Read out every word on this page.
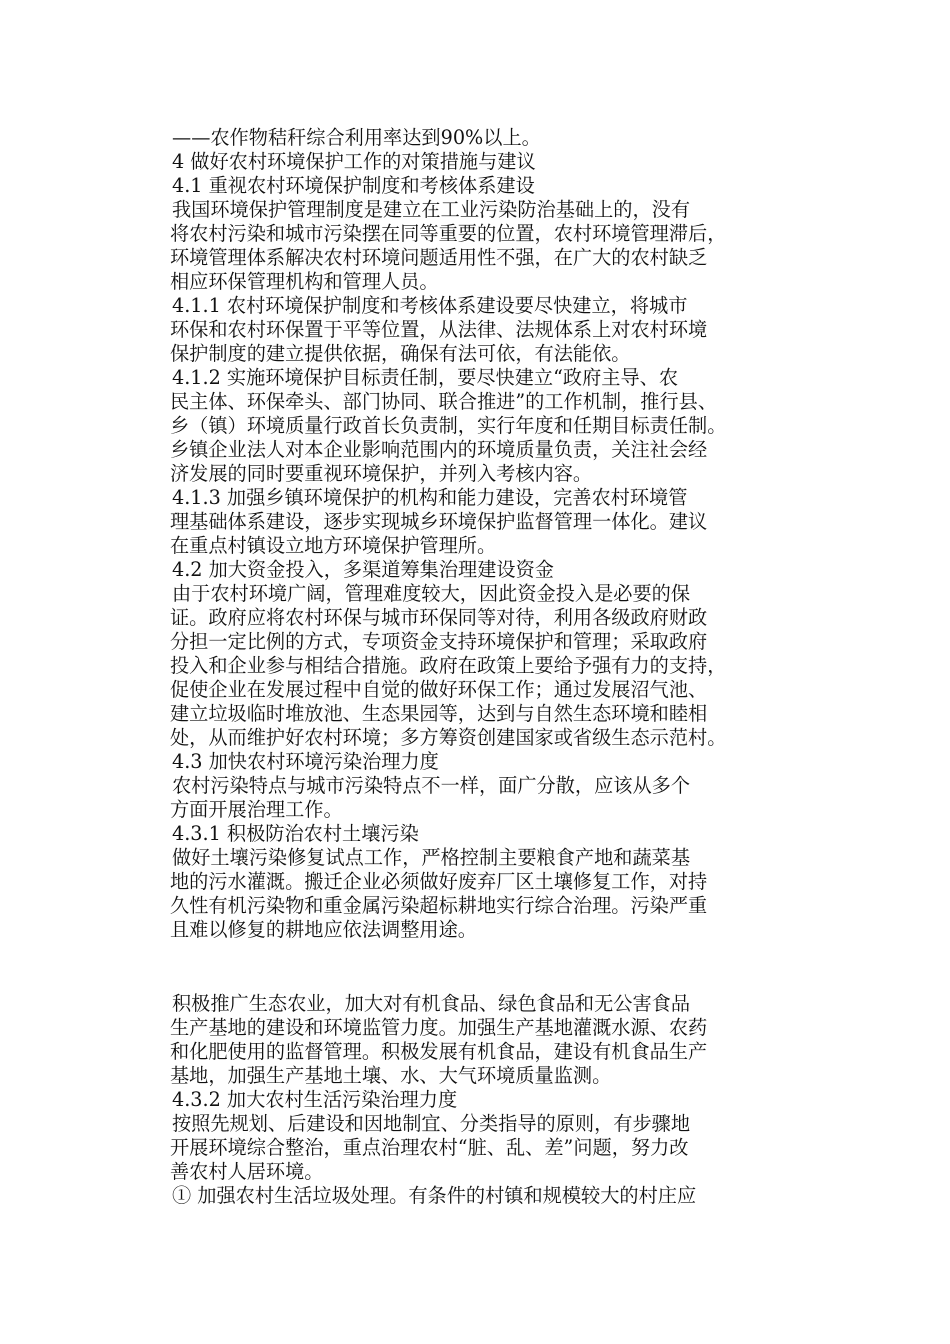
——农作物秸秆综合利用率达到90%以上。
4 做好农村环境保护工作的对策措施与建议
4.1 重视农村环境保护制度和考核体系建设
我国环境保护管理制度是建立在工业污染防治基础上的，没有
将农村污染和城市污染摆在同等重要的位置，农村环境管理滞后，
环境管理体系解决农村环境问题适用性不强，在广大的农村缺乏
相应环保管理机构和管理人员。
4.1.1 农村环境保护制度和考核体系建设要尽快建立，将城市
环保和农村环保置于平等位置，从法律、法规体系上对农村环境
保护制度的建立提供依据，确保有法可依，有法能依。
4.1.2 实施环境保护目标责任制，要尽快建立“政府主导、农
民主体、环保牵头、部门协同、联合推进”的工作机制，推行县、
乡（镇）环境质量行政首长负责制，实行年度和任期目标责任制。
乡镇企业法人对本企业影响范围内的环境质量负责，关注社会经
济发展的同时要重视环境保护，并列入考核内容。
4.1.3 加强乡镇环境保护的机构和能力建设，完善农村环境管
理基础体系建设，逐步实现城乡环境保护监督管理一体化。建议
在重点村镇设立地方环境保护管理所。
4.2 加大资金投入，多渠道筹集治理建设资金
由于农村环境广阔，管理难度较大，因此资金投入是必要的保
证。政府应将农村环保与城市环保同等对待，利用各级政府财政
分担一定比例的方式，专项资金支持环境保护和管理；采取政府
投入和企业参与相结合措施。政府在政策上要给予强有力的支持，
促使企业在发展过程中自觉的做好环保工作；通过发展沼气池、
建立垃圾临时堆放池、生态果园等，达到与自然生态环境和睦相
处，从而维护好农村环境；多方筹资创建国家或省级生态示范村。
4.3 加快农村环境污染治理力度
农村污染特点与城市污染特点不一样，面广分散，应该从多个
方面开展治理工作。
4.3.1 积极防治农村土壤污染
做好土壤污染修复试点工作，严格控制主要粮食产地和蔬菜基
地的污水灌溉。搬迁企业必须做好废弃厂区土壤修复工作，对持
久性有机污染物和重金属污染超标耕地实行综合治理。污染严重
且难以修复的耕地应依法调整用途。
积极推广生态农业，加大对有机食品、绿色食品和无公害食品
生产基地的建设和环境监管力度。加强生产基地灌溉水源、农药
和化肥使用的监督管理。积极发展有机食品，建设有机食品生产
基地，加强生产基地土壤、水、大气环境质量监测。
4.3.2 加大农村生活污染治理力度
按照先规划、后建设和因地制宜、分类指导的原则，有步骤地
开展环境综合整治，重点治理农村“脏、乱、差”问题，努力改
善农村人居环境。
① 加强农村生活垃圾处理。有条件的村镇和规模较大的村庄应
